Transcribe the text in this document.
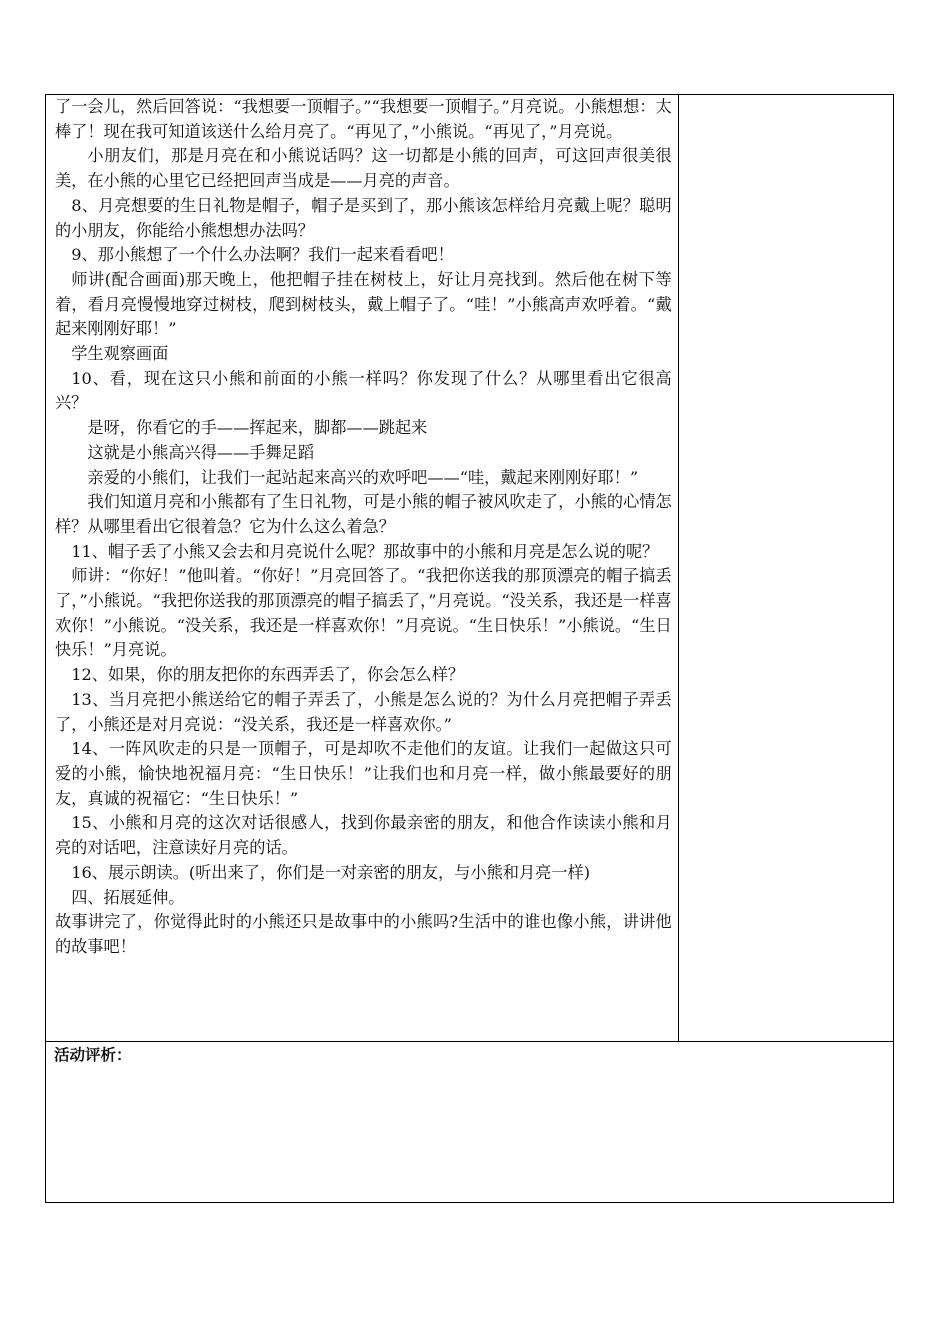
了一会儿，然后回答说：“我想要一顶帽子。”“我想要一顶帽子。”月亮说。小熊想想：太棒了！现在我可知道该送什么给月亮了。“再见了，”小熊说。“再见了，”月亮说。

小朋友们，那是月亮在和小熊说话吗？这一切都是小熊的回声，可这回声很美很美，在小熊的心里它已经把回声当成是——月亮的声音。

8、月亮想要的生日礼物是帽子，帽子是买到了，那小熊该怎样给月亮戴上呢？聪明的小朋友，你能给小熊想想办法吗？

9、那小熊想了一个什么办法啊？我们一起来看看吧！

师讲(配合画面)那天晚上，他把帽子挂在树枝上，好让月亮找到。然后他在树下等着，看月亮慢慢地穿过树枝，爬到树枝头，戴上帽子了。“哇！”小熊高声欢呼着。“戴起来刚刚好耶！”

学生观察画面

10、看，现在这只小熊和前面的小熊一样吗？你发现了什么？从哪里看出它很高兴？

是呀，你看它的手——挥起来，脚都——跳起来

这就是小熊高兴得——手舞足蹈

亲爱的小熊们，让我们一起站起来高兴的欢呼吧——“哇，戴起来刚刚好耶！”

我们知道月亮和小熊都有了生日礼物，可是小熊的帽子被风吹走了，小熊的心情怎样？从哪里看出它很着急？它为什么这么着急？

11、帽子丢了小熊又会去和月亮说什么呢？那故事中的小熊和月亮是怎么说的呢？

师讲：“你好！”他叫着。“你好！”月亮回答了。“我把你送我的那顶漂亮的帽子搞丢了，”小熊说。“我把你送我的那顶漂亮的帽子搞丢了，”月亮说。“没关系，我还是一样喜欢你！”小熊说。“没关系，我还是一样喜欢你！”月亮说。“生日快乐！”小熊说。“生日快乐！”月亮说。

12、如果，你的朋友把你的东西弄丢了，你会怎么样？

13、当月亮把小熊送给它的帽子弄丢了，小熊是怎么说的？为什么月亮把帽子弄丢了，小熊还是对月亮说：“没关系，我还是一样喜欢你。”

14、一阵风吹走的只是一顶帽子，可是却吹不走他们的友谊。让我们一起做这只可爱的小熊，愉快地祝福月亮：“生日快乐！”让我们也和月亮一样，做小熊最要好的朋友，真诚的祝福它：“生日快乐！”

15、小熊和月亮的这次对话很感人，找到你最亲密的朋友，和他合作读读小熊和月亮的对话吧，注意读好月亮的话。

16、展示朗读。(听出来了，你们是一对亲密的朋友，与小熊和月亮一样)

四、拓展延伸。

故事讲完了，你觉得此时的小熊还只是故事中的小熊吗?生活中的谁也像小熊，讲讲他的故事吧！

活动评析：
